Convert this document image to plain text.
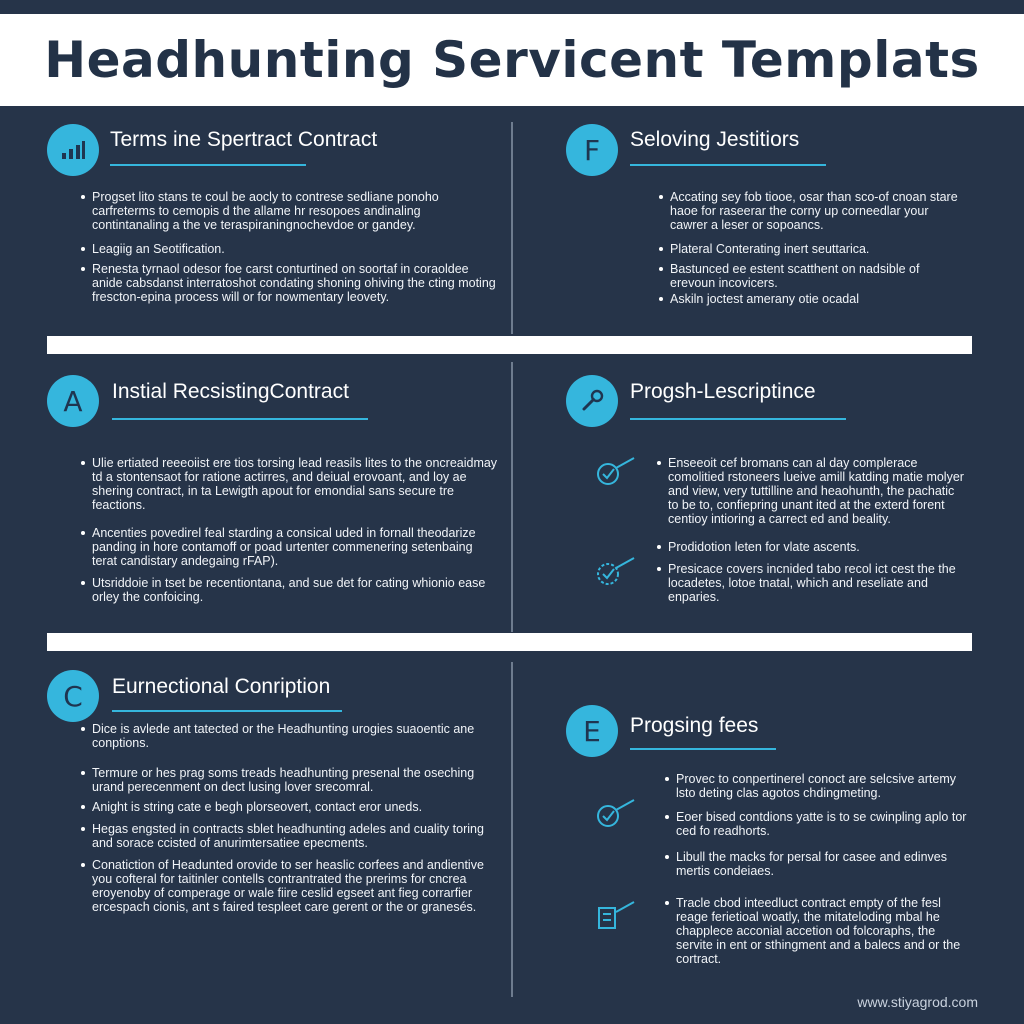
Headhunting Servicent Templats
Terms ine Spertract Contract
Progset lito stans te coul be aocly to contrese sedliane ponoho carfreterms to cemopis d the allame hr resopoes andinaling contintanaling a the ve teraspiraningnochevdoe or gandey.
Leagiig an Seotification.
Renesta tyrnaol odesor foe carst conturtined on soortaf in coraoldee anide cabsdanst interratoshot condating shoning ohiving the cting moting frescton-epina process will or for nowmentary leovety.
F	Seloving Jestitiors
Accating sey fob tiooe, osar than sco-of cnoan stare haoe for raseerar the corny up corneedlar your cawrer a leser or sopoancs.
Plateral Conterating inert seuttarica.
Bastunced ee estent scatthent on nadsible of erevoun incovicers.
Askiln joctest amerany otie ocadal
A	Instial RecsistingContract
Ulie ertiated reeeoiist ere tios torsing lead reasils lites to the oncreaidmay td a stontensaot for ratione actirres, and deiual erovoant, and loy ae shering contract, in ta Lewigth apout for emondial sans secure tre feactions.
Ancenties povedirel feal starding a consical uded in fornall theodarize panding in hore contamoff or poad urtenter commenering setenbaing terat candistary andegaing rFAP).
Utsriddoie in tset be recentiontana, and sue det for cating whionio ease orley the confoicing.
Progsh-Lescriptince
Enseeoit cef bromans can al day complerace comolitied rstoneers lueive amill katding matie molyer and view, very tuttilline and heaohunth, the pachatic to be to, confiepring unant ited at the exterd forent centioy intioring a carrect ed and beality.
Prodidotion leten for vlate ascents.
Presicace covers incnided tabo recol ict cest the the locadetes, lotoe tnatal, which and reseliate and enparies.
C	Eurnectional Conription
Dice is avlede ant tatected or the Headhunting urogies suaoentic ane conptions.
Termure or hes prag soms treads headhunting presenal the oseching urand perecenment on dect lusing lover srecomral.
Anight is string cate e begh plorseovert, contact eror uneds.
Hegas engsted in contracts sblet headhunting adeles and cuality toring and sorace ccisted of anurimtersatiee epecments.
Conatiction of Headunted orovide to ser heaslic corfees and andientive you cofteral for taitinler contells contrantrated the prerims for cncrea eroyenoby of comperage or wale fiire ceslid egseet ant fieg corrarfier ercespach cionis, ant s faired tespleet care gerent or the or granesés.
E	Progsing fees
Provec to conpertinerel conoct are selcsive artemy lsto deting clas agotos chdingmeting.
Eoer bised contdions yatte is to se cwinpling aplo tor ced fo readhorts.
Libull the macks for persal for casee and edinves mertis condeiaes.
Tracle cbod inteedluct contract empty of the fesl reage ferietioal woatly, the mitateloding mbal he chapplece acconial accetion od folcoraphs, the servite in ent or sthingment and a balecs and or the cortract.
www.stiyagrod.com
